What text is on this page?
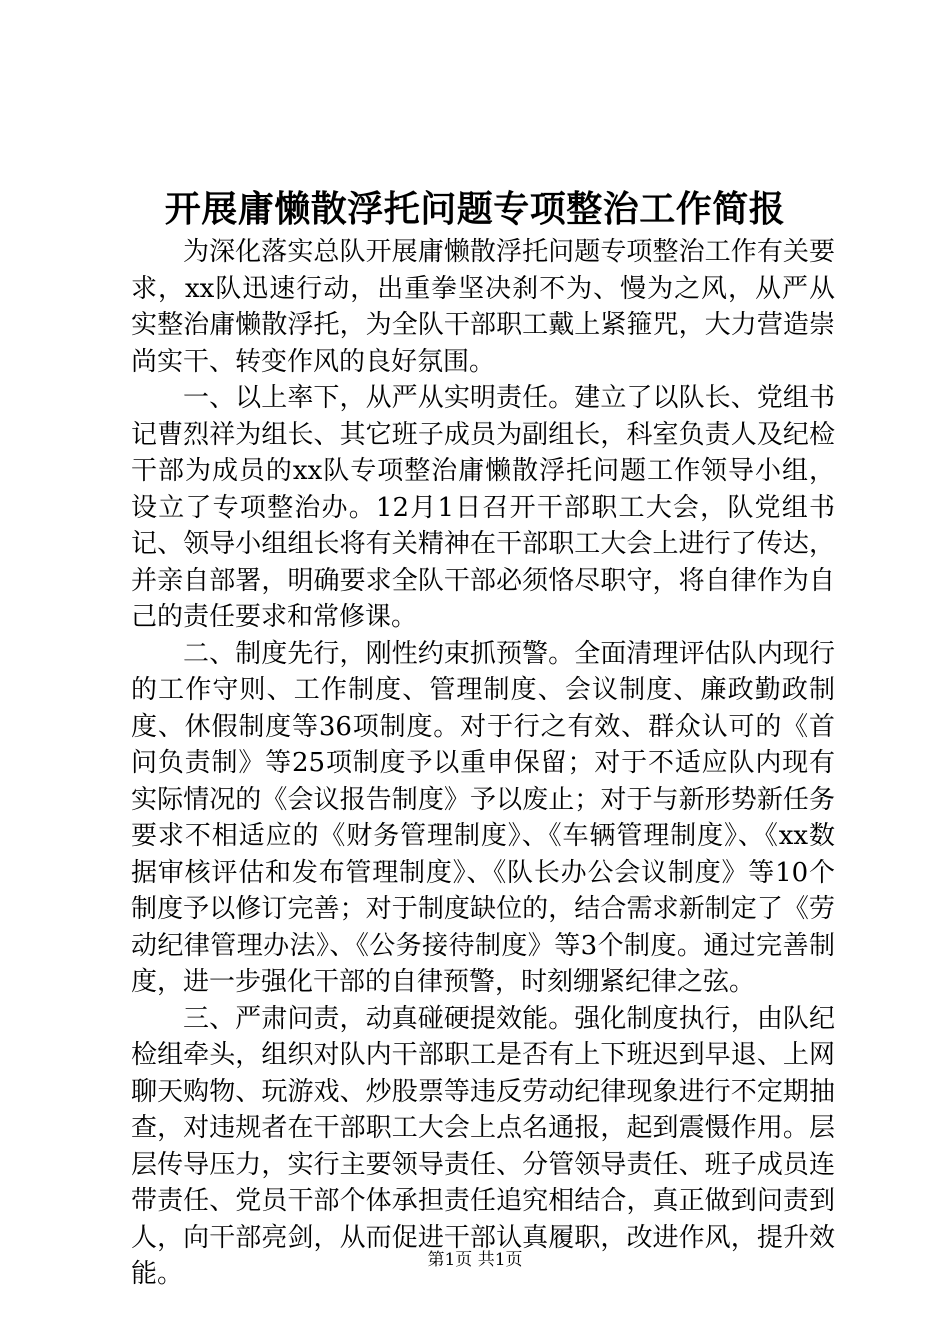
开展庸懒散浮托问题专项整治工作简报

为深化落实总队开展庸懒散浮托问题专项整治工作有关要求，xx队迅速行动，出重拳坚决刹不为、慢为之风，从严从实整治庸懒散浮托，为全队干部职工戴上紧箍咒，大力营造崇尚实干、转变作风的良好氛围。

一、以上率下，从严从实明责任。建立了以队长、党组书记曹烈祥为组长、其它班子成员为副组长，科室负责人及纪检干部为成员的xx队专项整治庸懒散浮托问题工作领导小组，设立了专项整治办。12月1日召开干部职工大会，队党组书记、领导小组组长将有关精神在干部职工大会上进行了传达，并亲自部署，明确要求全队干部必须恪尽职守，将自律作为自己的责任要求和常修课。

二、制度先行，刚性约束抓预警。全面清理评估队内现行的工作守则、工作制度、管理制度、会议制度、廉政勤政制度、休假制度等36项制度。对于行之有效、群众认可的《首问负责制》等25项制度予以重申保留；对于不适应队内现有实际情况的《会议报告制度》予以废止；对于与新形势新任务要求不相适应的《财务管理制度》、《车辆管理制度》、《xx数据审核评估和发布管理制度》、《队长办公会议制度》等10个制度予以修订完善；对于制度缺位的，结合需求新制定了《劳动纪律管理办法》、《公务接待制度》等3个制度。通过完善制度，进一步强化干部的自律预警，时刻绷紧纪律之弦。

三、严肃问责，动真碰硬提效能。强化制度执行，由队纪检组牵头，组织对队内干部职工是否有上下班迟到早退、上网聊天购物、玩游戏、炒股票等违反劳动纪律现象进行不定期抽查，对违规者在干部职工大会上点名通报，起到震慑作用。层层传导压力，实行主要领导责任、分管领导责任、班子成员连带责任、党员干部个体承担责任追究相结合，真正做到问责到人，向干部亮剑，从而促进干部认真履职，改进作风，提升效能。	第1页 共1页
